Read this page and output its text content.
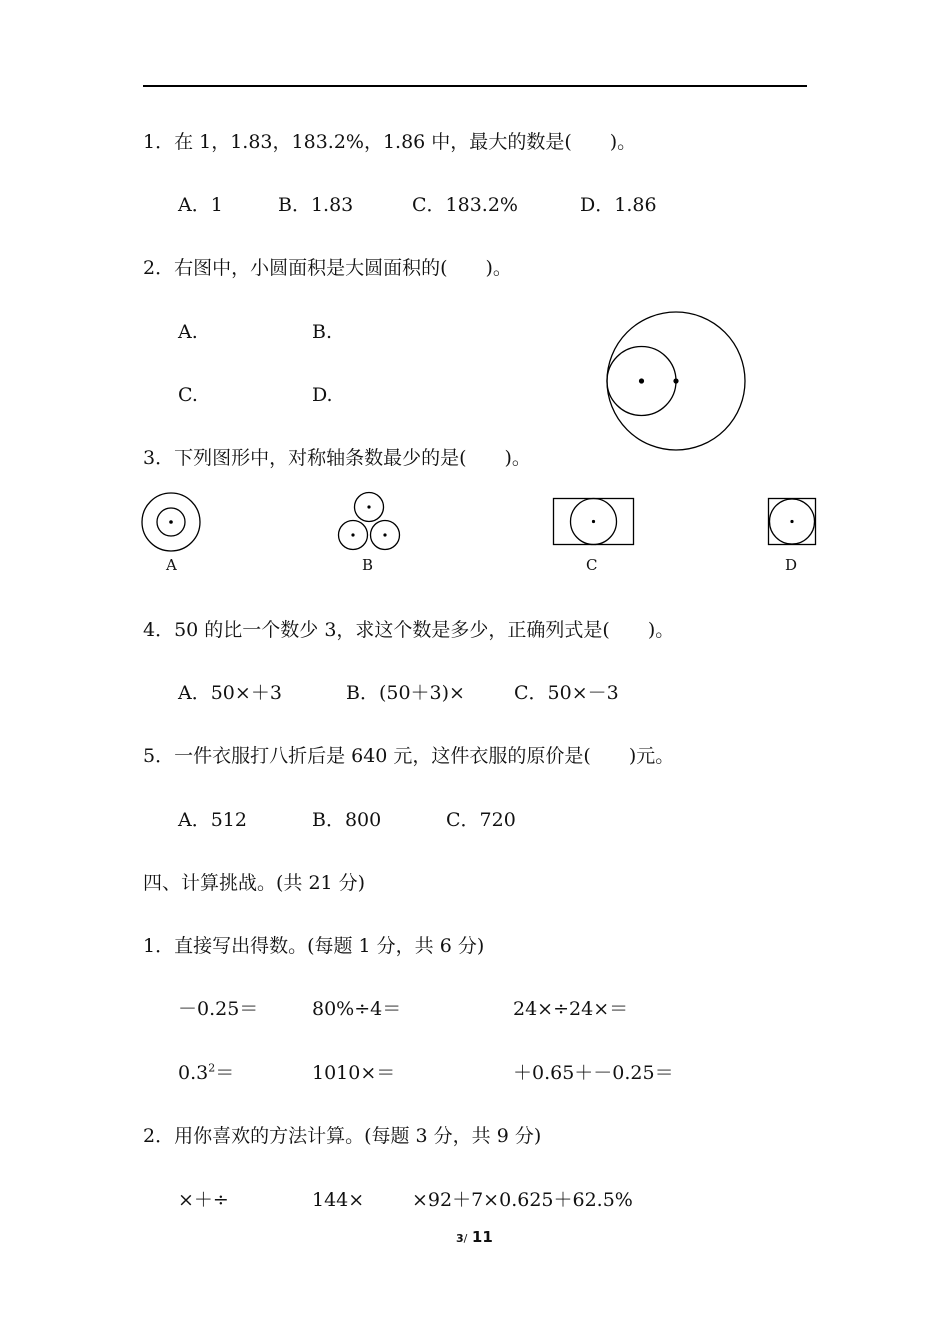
1．在 1，1.83，183.2%，1.86 中，最大的数是(　　)。
A．1	B．1.83	C．183.2%	D．1.86
2．右图中，小圆面积是大圆面积的(　　)。
A.	B.
C.	D.
3．下列图形中，对称轴条数最少的是(　　)。
A	B	C	D
4．50 的比一个数少 3，求这个数是多少，正确列式是(　　)。
A．50×＋3	B．(50＋3)×	C．50×－3
5．一件衣服打八折后是 640 元，这件衣服的原价是(　　)元。
A．512	B．800	C．720
四、计算挑战。(共 21 分)
1．直接写出得数。(每题 1 分，共 6 分)
－0.25＝	80%÷4＝	24×÷24×＝
$0.3^2=$	1010×＝	＋0.65＋－0.25＝
2．用你喜欢的方法计算。(每题 3 分，共 9 分)
×＋÷	144×	×92＋7×0.625＋62.5%
3/ 11
